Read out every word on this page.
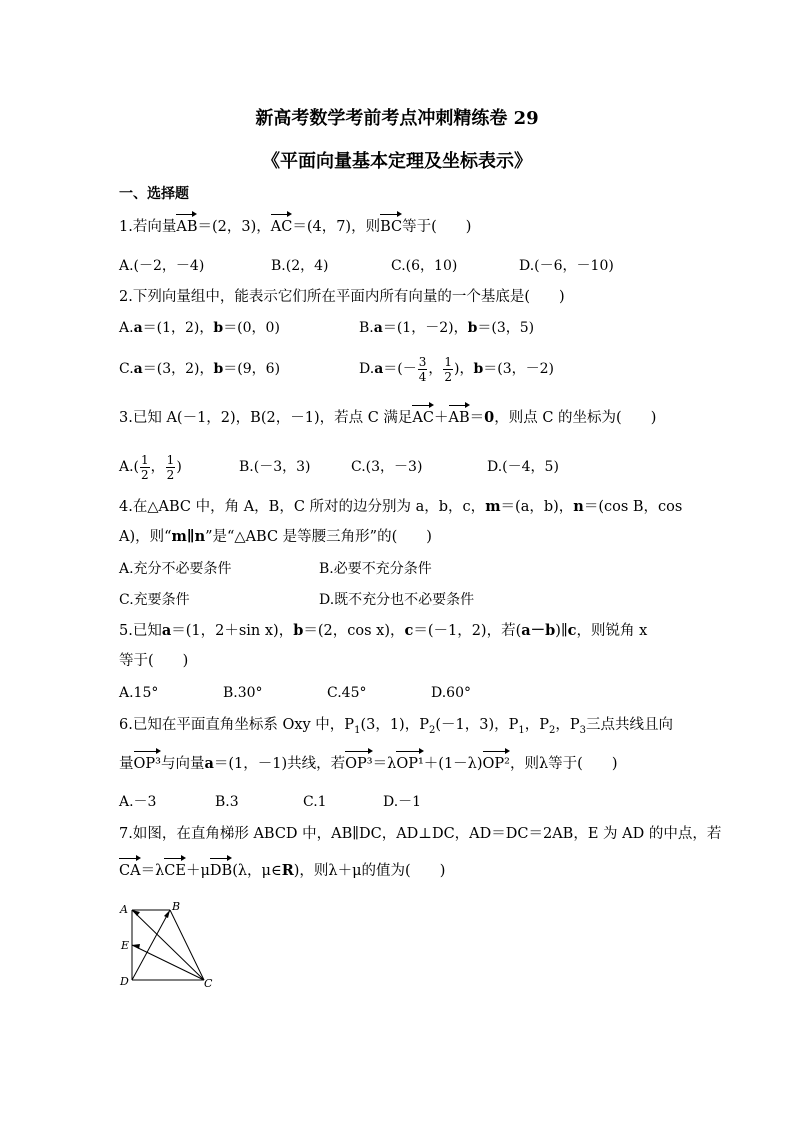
新高考数学考前考点冲刺精练卷 29
《平面向量基本定理及坐标表示》
一、选择题
1.若向量AB＝(2，3)，AC＝(4，7)，则BC等于(　　)
A.(－2，－4)	B.(2，4)	C.(6，10)	D.(－6，－10)
2.下列向量组中，能表示它们所在平面内所有向量的一个基底是(　　)
A.a＝(1，2)，b＝(0，0)	B.a＝(1，－2)，b＝(3，5)
C.a＝(3，2)，b＝(9，6)	$D.a=(- \frac{3}{4}$ ， $\frac{1}{2}$ )，b＝(3，－2)
3.已知 A(－1，2)，B(2，－1)，若点 C 满足AC＋AB＝0，则点 C 的坐标为(　　)
$A.( \frac{1}{2}$ ， $\frac{1}{2}$ )	B.(－3，3)	C.(3，－3)	D.(－4，5)
4.在△ABC 中，角 A，B，C 所对的边分别为 a，b，c，m＝(a，b)，n＝(cos B，cos
A)，则“m∥n”是“△ABC 是等腰三角形”的(　　)
A.充分不必要条件	B.必要不充分条件
C.充要条件	D.既不充分也不必要条件
5.已知a＝(1，2＋sin x)，b＝(2，cos x)，c＝(－1，2)，若(a－b)∥c，则锐角 x
等于(　　)
A.15°	B.30°	C.45°	D.60°
6.已知在平面直角坐标系 Oxy 中，$P_1(3$，1)，$P_2(-1$，3)，$P_1$，$P_2$，$P_3$三点共线且向
量OP³与向量a＝(1，－1)共线，若OP³＝λOP¹＋(1－λ)OP²，则λ等于(　　)
A.－3	B.3	C.1	D.－1
7.如图，在直角梯形 ABCD 中，AB∥DC，AD⊥DC，AD＝DC＝2AB，E 为 AD 的中点，若
CA＝λCE＋μDB(λ，μ∈R)，则λ＋μ的值为(　　)
A	B
E
D	C
